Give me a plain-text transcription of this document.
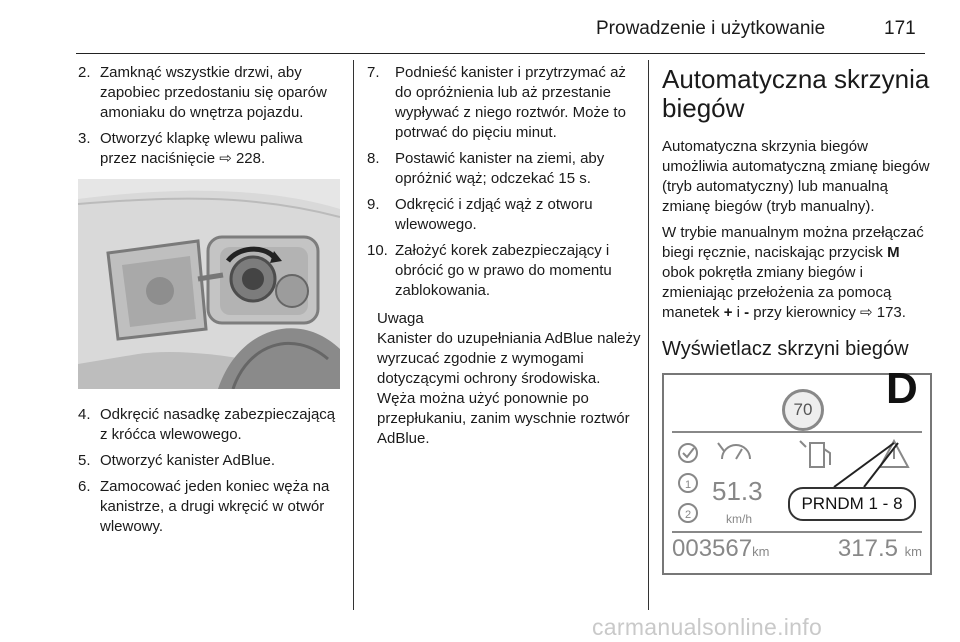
Prowadzenie i użytkowanie	171
2. Zamknąć wszystkie drzwi, aby zapobiec przedostaniu się oparów amoniaku do wnętrza pojazdu.
3. Otworzyć klapkę wlewu paliwa przez naciśnięcie ⇨ 228.
4. Odkręcić nasadkę zabezpieczającą z króćca wlewowego.
5. Otworzyć kanister AdBlue.
6. Zamocować jeden koniec węża na kanistrze, a drugi wkręcić w otwór wlewowy.
7.	Podnieść kanister i przytrzymać aż do opróżnienia lub aż przestanie wypływać z niego roztwór. Może to potrwać do pięciu minut.
8.	Postawić kanister na ziemi, aby opróżnić wąż; odczekać 15 s.
9.	Odkręcić i zdjąć wąż z otworu wlewowego.
10. Założyć korek zabezpieczający i obrócić go w prawo do momentu zablokowania.
Uwaga
Kanister do uzupełniania AdBlue należy wyrzucać zgodnie z wymogami dotyczącymi ochrony środowiska. Węża można użyć ponownie po przepłukaniu, zanim wyschnie roztwór AdBlue.
Automatyczna skrzynia biegów
Automatyczna skrzynia biegów umożliwia automatyczną zmianę biegów (tryb automatyczny) lub manualną zmianę biegów (tryb manualny).
W trybie manualnym można przełączać biegi ręcznie, naciskając przycisk M obok pokrętła zmiany biegów i zmieniając przełożenia za pomocą manetek + i - przy kierownicy ⇨ 173.
Wyświetlacz skrzyni biegów
70 D
1
2
51.3
km/h
PRNDM 1 - 8
003567km	317.5 km
carmanualsonline.info
